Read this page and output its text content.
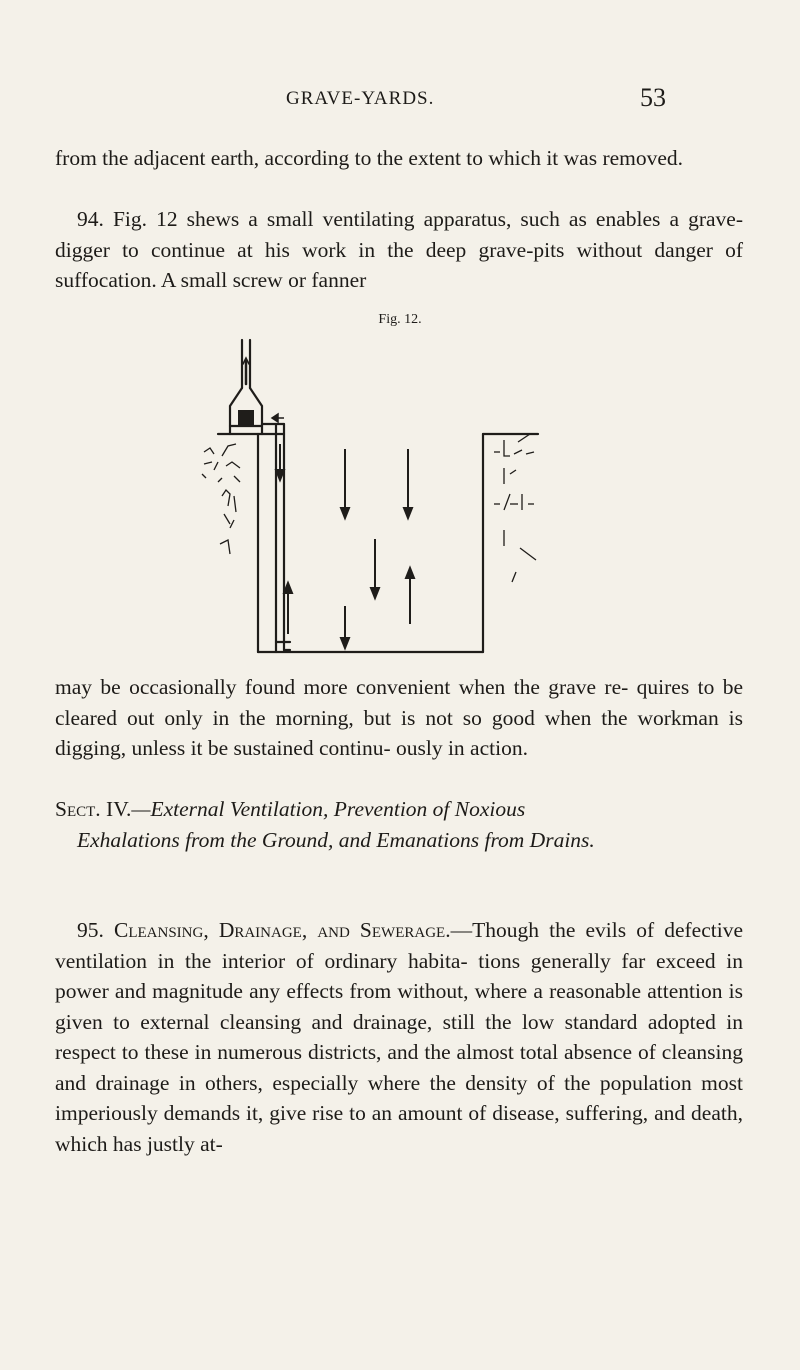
GRAVE-YARDS.	53

from the adjacent earth, according to the extent to which it was removed.

94. Fig. 12 shews a small ventilating apparatus, such as enables a grave-digger to continue at his work in the deep grave-pits without danger of suffocation. A small screw or fanner

Fig. 12.

may be occasionally found more convenient when the grave re- quires to be cleared out only in the morning, but is not so good when the workman is digging, unless it be sustained continu- ously in action.

Sect. IV.—External Ventilation, Prevention of Noxious
Exhalations from the Ground, and Emanations from Drains.

95. Cleansing, Drainage, and Sewerage.—Though the evils of defective ventilation in the interior of ordinary habita- tions generally far exceed in power and magnitude any effects from without, where a reasonable attention is given to external cleansing and drainage, still the low standard adopted in respect to these in numerous districts, and the almost total absence of cleansing and drainage in others, especially where the density of the population most imperiously demands it, give rise to an amount of disease, suffering, and death, which has justly at-
